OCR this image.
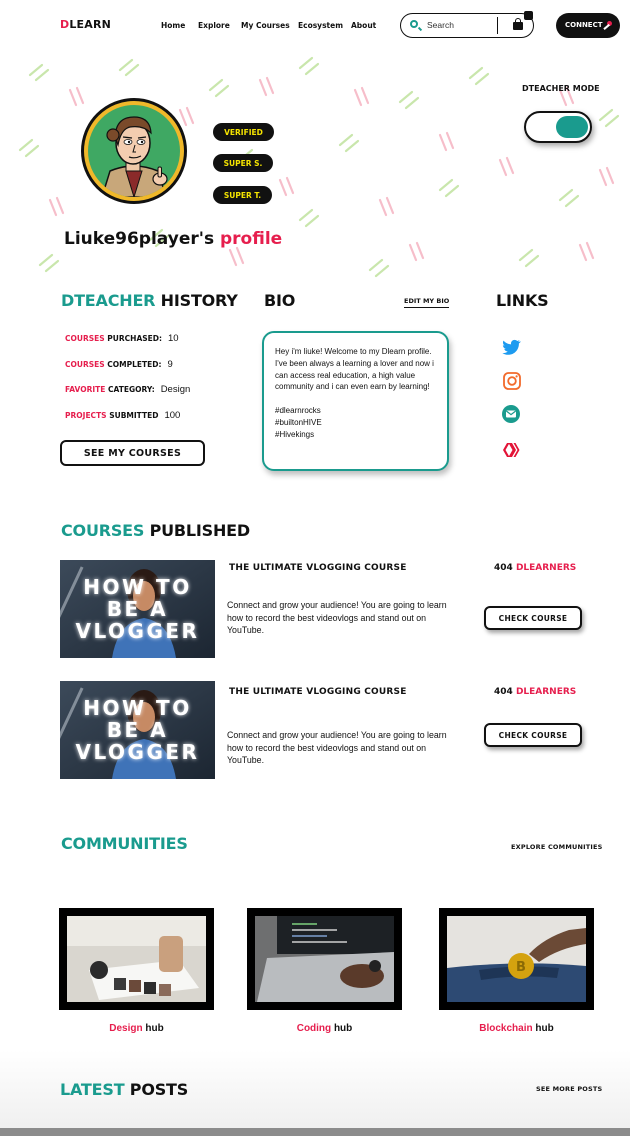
DLEARN	Home Explore My Courses Ecosystem About	Search	CONNECT
VERIFIED
SUPER S.
SUPER T.
DTEACHER MODE
Liuke96player's profile
DTEACHER HISTORY
COURSES PURCHASED: 10
COURSES COMPLETED: 9
FAVORITE CATEGORY: Design
PROJECTS SUBMITTED 100
SEE MY COURSES
BIO	EDIT MY BIO

Hey i'm liuke! Welcome to my Dlearn profile. I've been always a learning a lover and now i can access real education, a high value community and i can even earn by learning!

#dlearnrocks
#builtonHIVE
#Hivekings
LINKS
COURSES PUBLISHED
HOW TO
BE A
VLOGGER
THE ULTIMATE VLOGGING COURSE	404 DLEARNERS
Connect and grow your audience! You are going to learn how to record the best videovlogs and stand out on YouTube.
CHECK COURSE
HOW TO
BE A
VLOGGER
THE ULTIMATE VLOGGING COURSE	404 DLEARNERS
Connect and grow your audience! You are going to learn how to record the best videovlogs and stand out on YouTube.
CHECK COURSE
COMMUNITIES	EXPLORE COMMUNITIES
Design hub	Coding hub
B
Blockchain hub
LATEST POSTS	SEE MORE POSTS
